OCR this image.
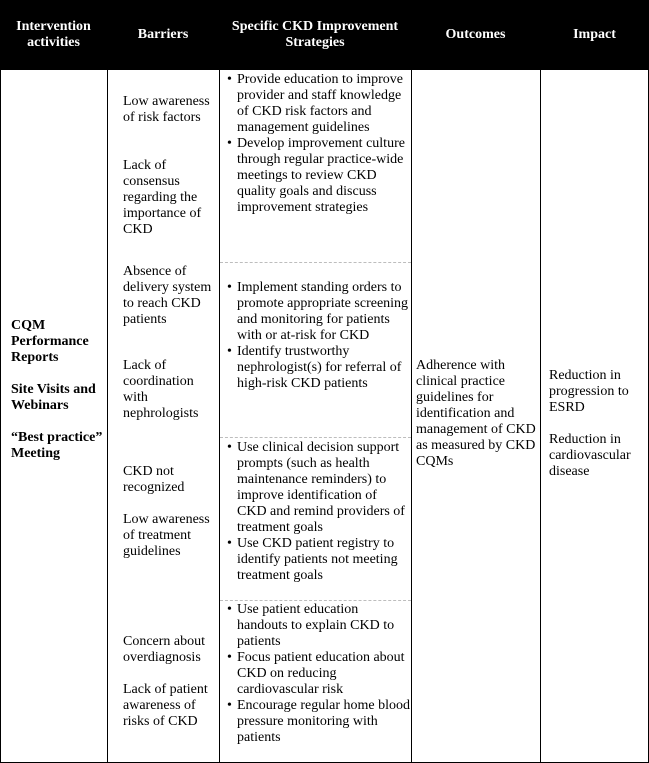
Intervention activities
Barriers
Specific CKD Improvement Strategies
Outcomes	Impact
CQM Performance Reports
Site Visits and Webinars
“Best practice” Meeting
Low awareness of risk factors
Lack of consensus regarding the importance of CKD
Absence of delivery system to reach CKD patients
Lack of coordination with nephrologists
CKD not recognized
Low awareness of treatment guidelines
Concern about overdiagnosis
Lack of patient awareness of risks of CKD
• Provide education to improve provider and staff knowledge of CKD risk factors and management guidelines
• Develop improvement culture through regular practice-wide meetings to review CKD quality goals and discuss improvement strategies
• Implement standing orders to promote appropriate screening and monitoring for patients with or at-risk for CKD
• Identify trustworthy nephrologist(s) for referral of high-risk CKD patients
• Use clinical decision support prompts (such as health maintenance reminders) to improve identification of CKD and remind providers of treatment goals
• Use CKD patient registry to identify patients not meeting treatment goals
• Use patient education handouts to explain CKD to patients
• Focus patient education about CKD on reducing cardiovascular risk
• Encourage regular home blood pressure monitoring with patients
Adherence with clinical practice guidelines for identification and management of CKD as measured by CKD CQMs
Reduction in progression to ESRD
Reduction in cardiovascular disease
